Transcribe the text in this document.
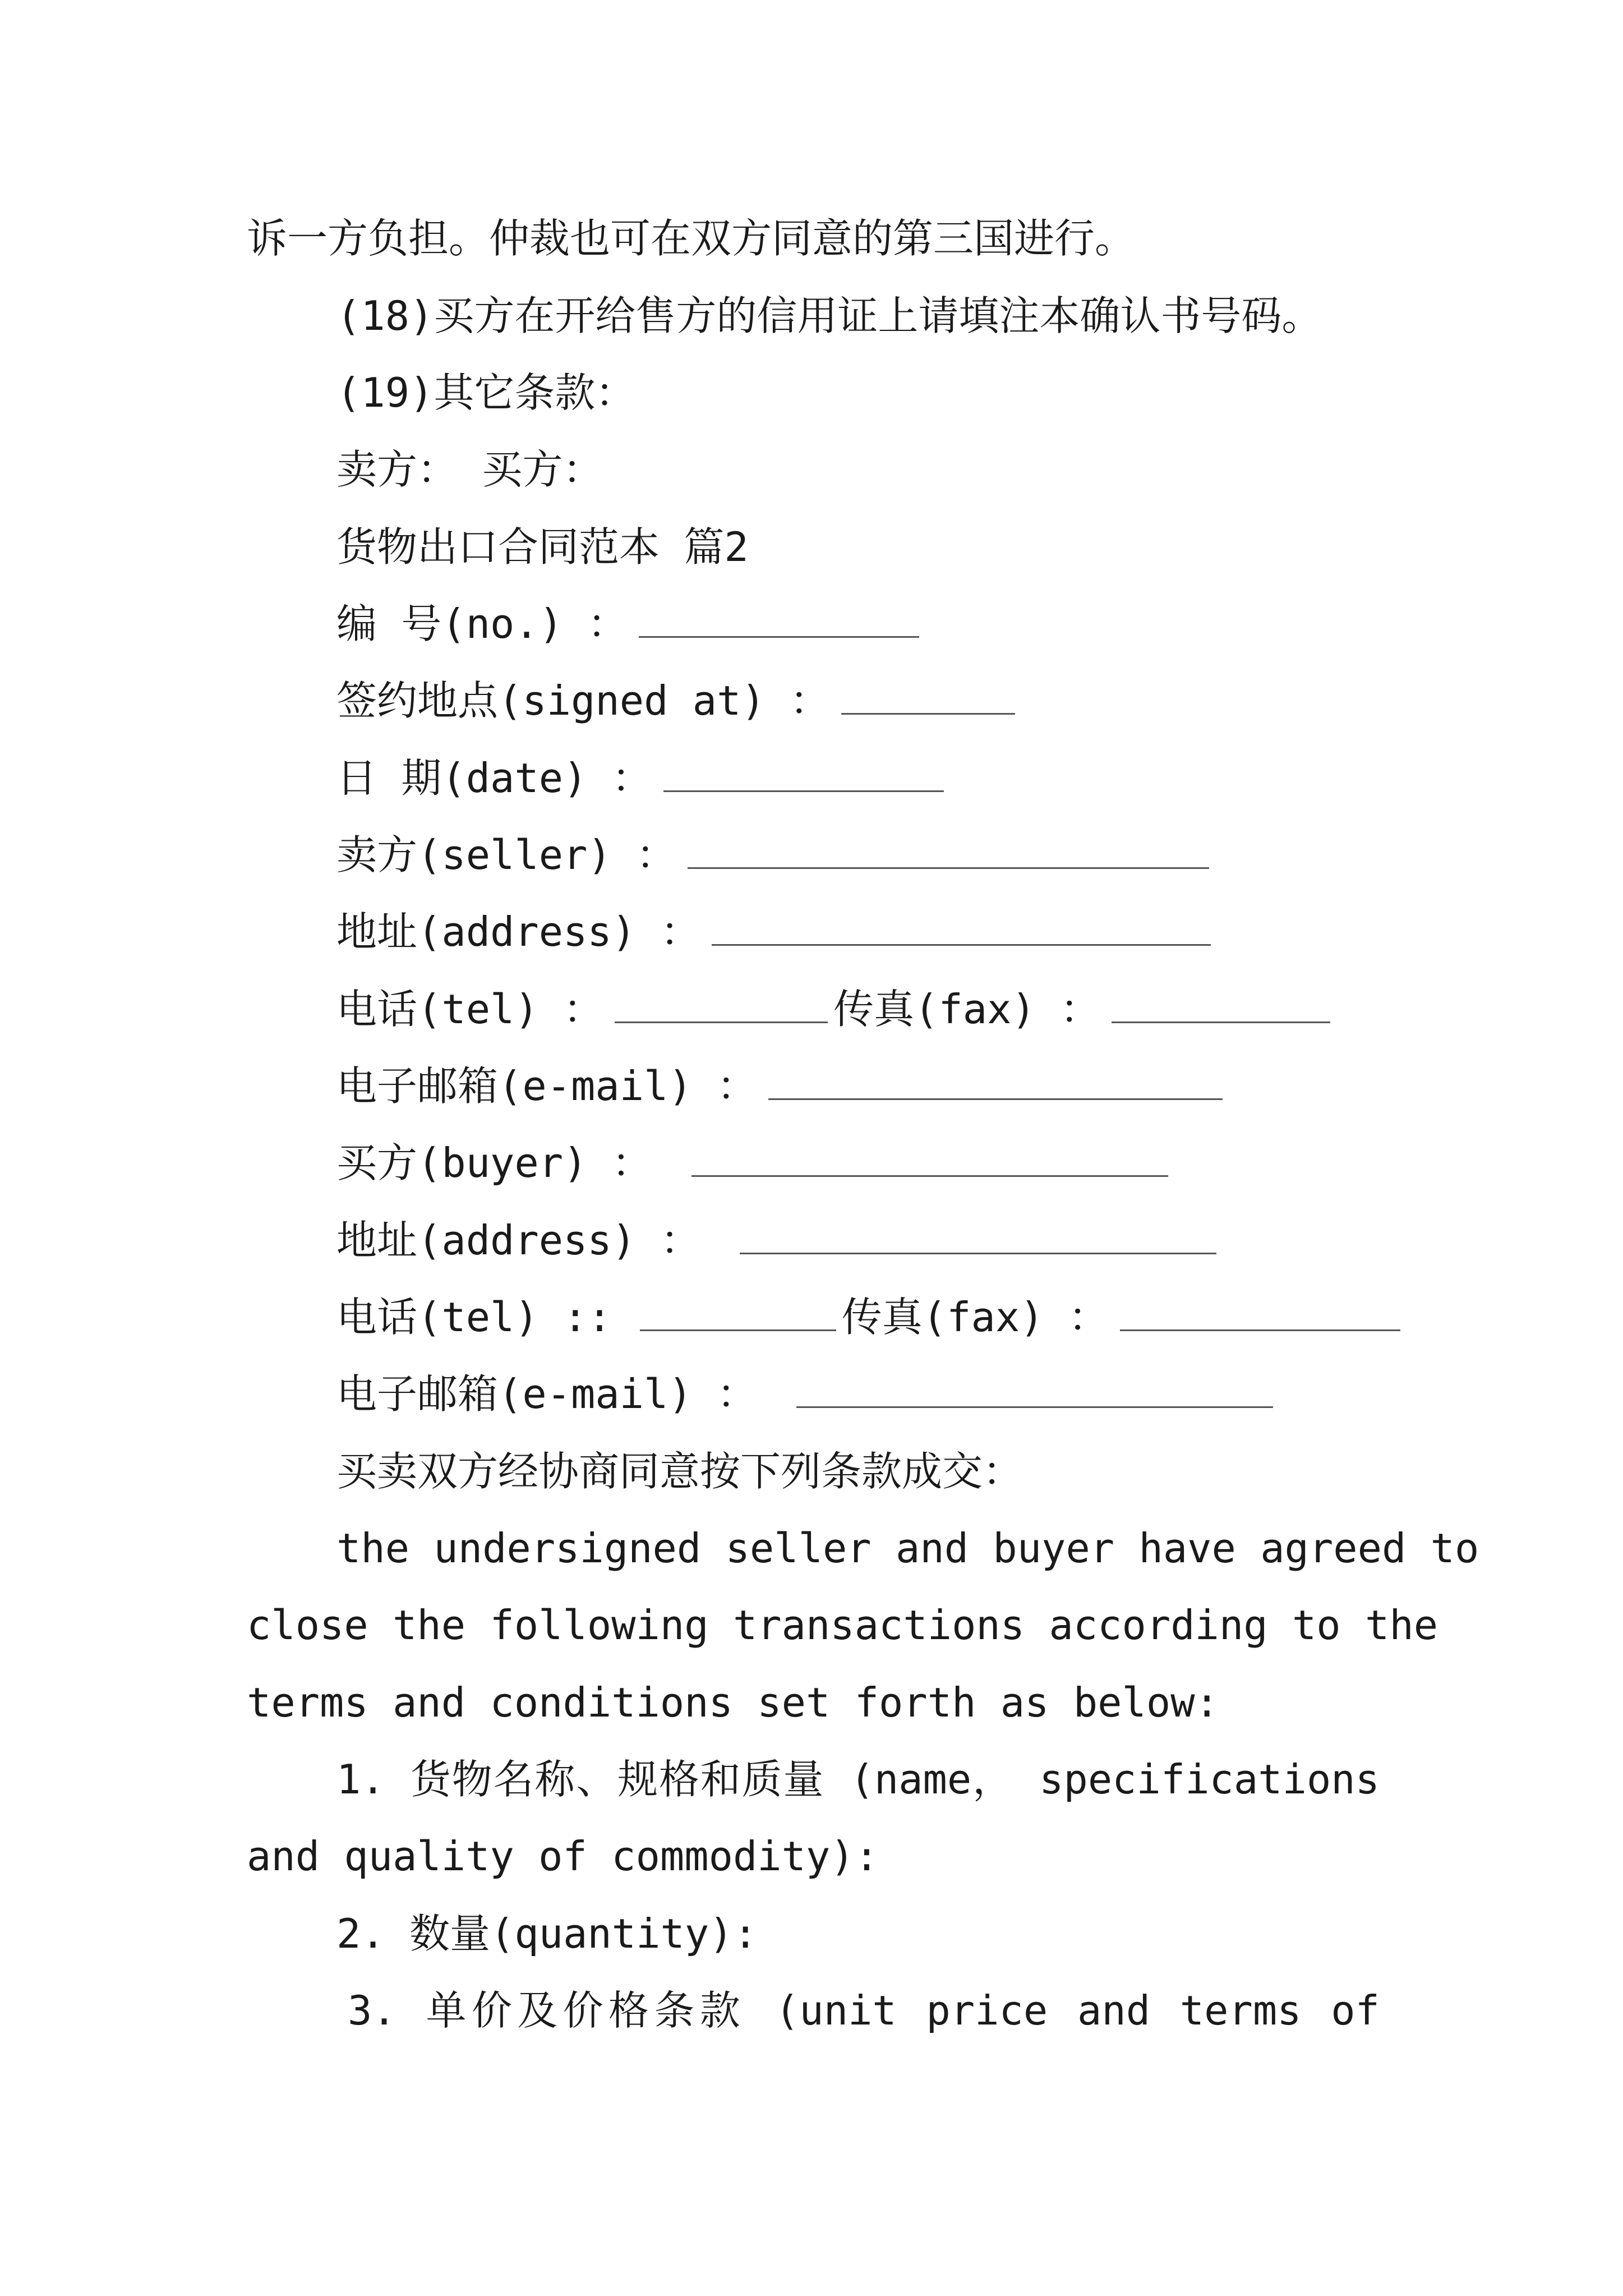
诉一方负担。仲裁也可在双方同意的第三国进行。
(18)买方在开给售方的信用证上请填注本确认书号码。
(19)其它条款：
卖方： 买方：
货物出口合同范本 篇2
编 号(no.) ：
签约地点(signed at) ：
日 期(date) ：
卖方(seller) ：
地址(address) ：
电话(tel) ：	传真(fax) ：
电子邮箱(e-mail) ：
买方(buyer) ：
地址(address) ：
电话(tel) ::	传真(fax) ：
电子邮箱(e-mail) ：
买卖双方经协商同意按下列条款成交：
the undersigned seller and buyer have agreed to
close the following transactions according to the
terms and conditions set forth as below:
1. 货物名称、规格和质量 (name， specifications
and quality of commodity):
2. 数量(quantity):
3. 单价及价格条款 (unit price and terms of
